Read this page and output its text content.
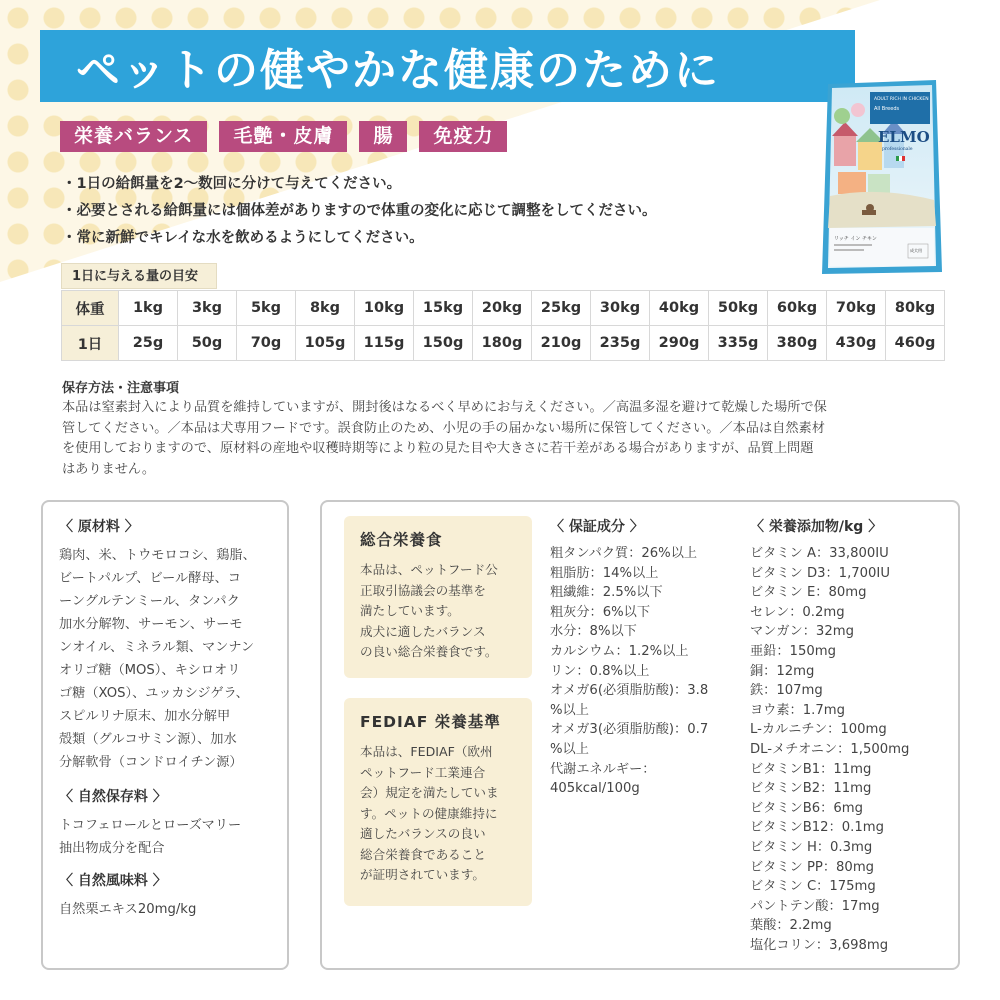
ペットの健やかな健康のために
栄養バランス	毛艶・皮膚	腸	免疫力
・1日の給餌量を2～数回に分けて与えてください。
・必要とされる給餌量には個体差がありますので体重の変化に応じて調整をしてください。
・常に新鮮でキレイな水を飲めるようにしてください。
ADULT RICH IN CHICKEN
All Breeds
ELMO
professionale
リッチ イン チキン
成犬用
1日に与える量の目安
体重	1kg	3kg	5kg	8kg	10kg	15kg	20kg	25kg	30kg	40kg	50kg	60kg	70kg	80kg
1日	25g	50g	70g	105g	115g	150g	180g	210g	235g	290g	335g	380g	430g	460g
保存方法・注意事項
本品は窒素封入により品質を維持していますが、開封後はなるべく早めにお与えください。／高温多湿を避けて乾燥した場所で保
管してください。／本品は犬専用フードです。誤食防止のため、小児の手の届かない場所に保管してください。／本品は自然素材
を使用しておりますので、原材料の産地や収穫時期等により粒の見た目や大きさに若干差がある場合がありますが、品質上問題
はありません。
〈 原材料 〉
鶏肉、米、トウモロコシ、鶏脂、
ビートパルプ、ビール酵母、コ
ーングルテンミール、タンパク
加水分解物、サーモン、サーモ
ンオイル、ミネラル類、マンナン
オリゴ糖（MOS）、キシロオリ
ゴ糖（XOS）、ユッカシジゲラ、
スピルリナ原末、加水分解甲
殻類（グルコサミン源）、加水
分解軟骨（コンドロイチン源）
〈 自然保存料 〉
トコフェロールとローズマリー
抽出物成分を配合
〈 自然風味料 〉
自然栗エキス20mg/kg
総合栄養食
本品は、ペットフード公
正取引協議会の基準を
満たしています。
成犬に適したバランス
の良い総合栄養食です。
FEDIAF 栄養基準
本品は、FEDIAF（欧州
ペットフード工業連合
会）規定を満たしていま
す。ペットの健康維持に
適したバランスの良い
総合栄養食であること
が証明されています。
〈 保証成分 〉
粗タンパク質：26%以上
粗脂肪：14%以上
粗繊維：2.5%以下
粗灰分：6%以下
水分：8%以下
カルシウム：1.2%以上
リン：0.8%以上
オメガ6(必須脂肪酸)：3.8
%以上
オメガ3(必須脂肪酸)：0.7
%以上
代謝エネルギー：
405kcal/100g
〈 栄養添加物/kg 〉
ビタミン A：33,800IU
ビタミン D3：1,700IU
ビタミン E：80mg
セレン：0.2mg
マンガン：32mg
亜鉛：150mg
銅：12mg
鉄：107mg
ヨウ素：1.7mg
L-カルニチン：100mg
DL-メチオニン：1,500mg
ビタミンB1：11mg
ビタミンB2：11mg
ビタミンB6：6mg
ビタミンB12：0.1mg
ビタミン H：0.3mg
ビタミン PP：80mg
ビタミン C：175mg
パントテン酸：17mg
葉酸：2.2mg
塩化コリン：3,698mg
